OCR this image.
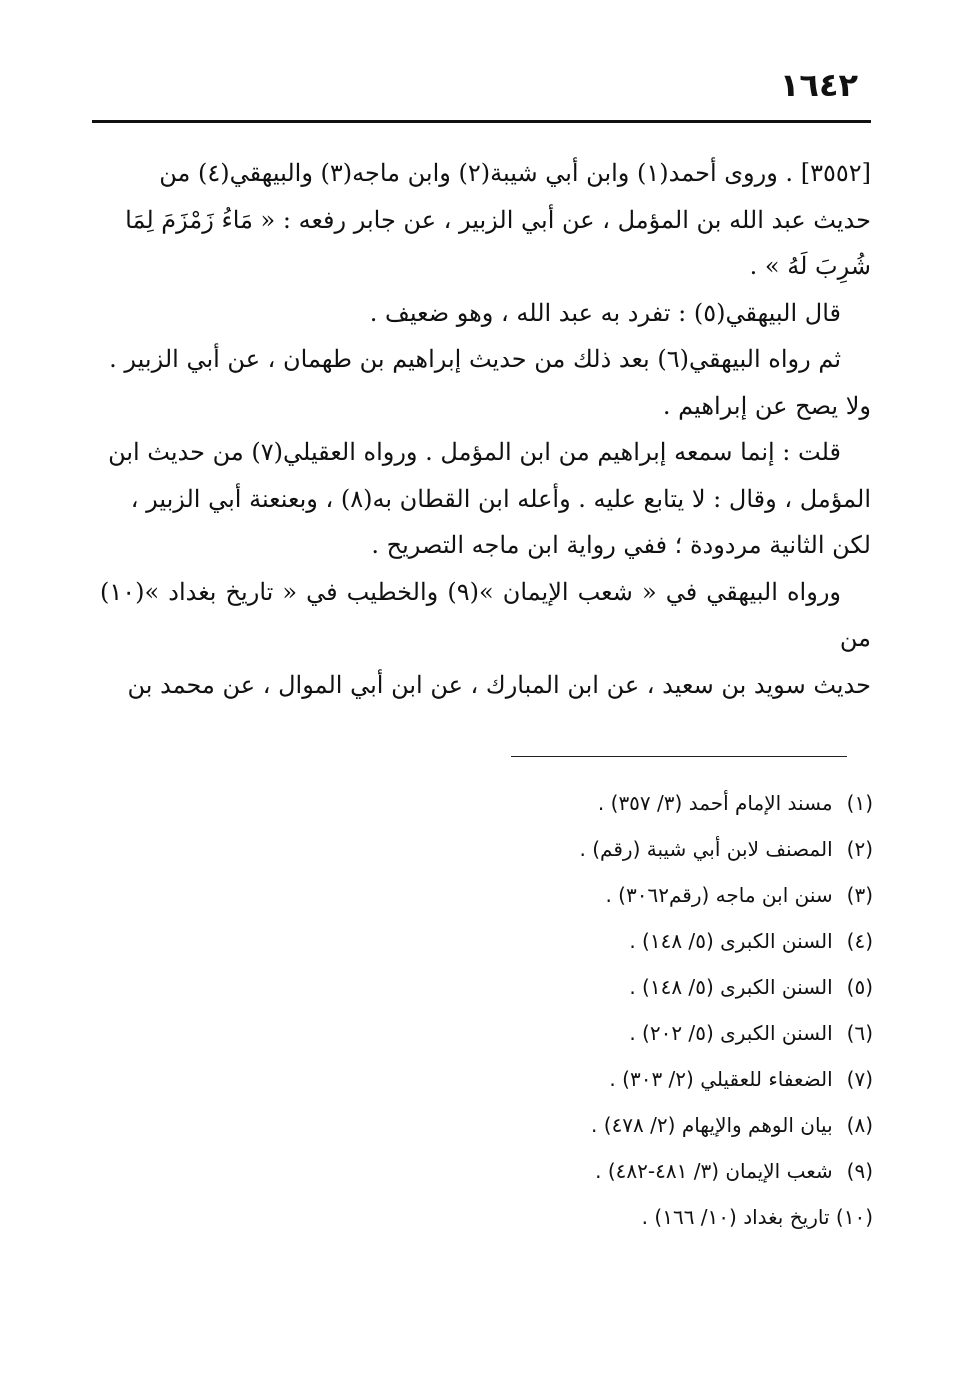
١٦٤٢

[٣٥٥٢] . وروى أحمد(١) وابن أبي شيبة(٢) وابن ماجه(٣) والبيهقي(٤) من

حديث عبد الله بن المؤمل ، عن أبي الزبير ، عن جابر رفعه : « مَاءُ زَمْزَمَ لِمَا

شُرِبَ لَهُ » .

قال البيهقي(٥) : تفرد به عبد الله ، وهو ضعيف .

ثم رواه البيهقي(٦) بعد ذلك من حديث إبراهيم بن طهمان ، عن أبي الزبير .

ولا يصح عن إبراهيم .

قلت : إنما سمعه إبراهيم من ابن المؤمل . ورواه العقيلي(٧) من حديث ابن

المؤمل ، وقال : لا يتابع عليه . وأعله ابن القطان به(٨) ، وبعنعنة أبي الزبير ،

لكن الثانية مردودة ؛ ففي رواية ابن ماجه التصريح .

ورواه البيهقي في « شعب الإيمان »(٩) والخطيب في « تاريخ بغداد »(١٠) من

حديث سويد بن سعيد ، عن ابن المبارك ، عن ابن أبي الموال ، عن محمد بن

(١) مسند الإمام أحمد (٣/ ٣٥٧) .
(٢) المصنف لابن أبي شيبة (رقم) .
(٣) سنن ابن ماجه (رقم٣٠٦٢) .
(٤) السنن الكبرى (٥/ ١٤٨) .
(٥) السنن الكبرى (٥/ ١٤٨) .
(٦) السنن الكبرى (٥/ ٢٠٢) .
(٧) الضعفاء للعقيلي (٢/ ٣٠٣) .
(٨) بيان الوهم والإيهام (٢/ ٤٧٨) .
(٩) شعب الإيمان (٣/ ٤٨١-٤٨٢) .
(١٠) تاريخ بغداد (١٠/ ١٦٦) .
